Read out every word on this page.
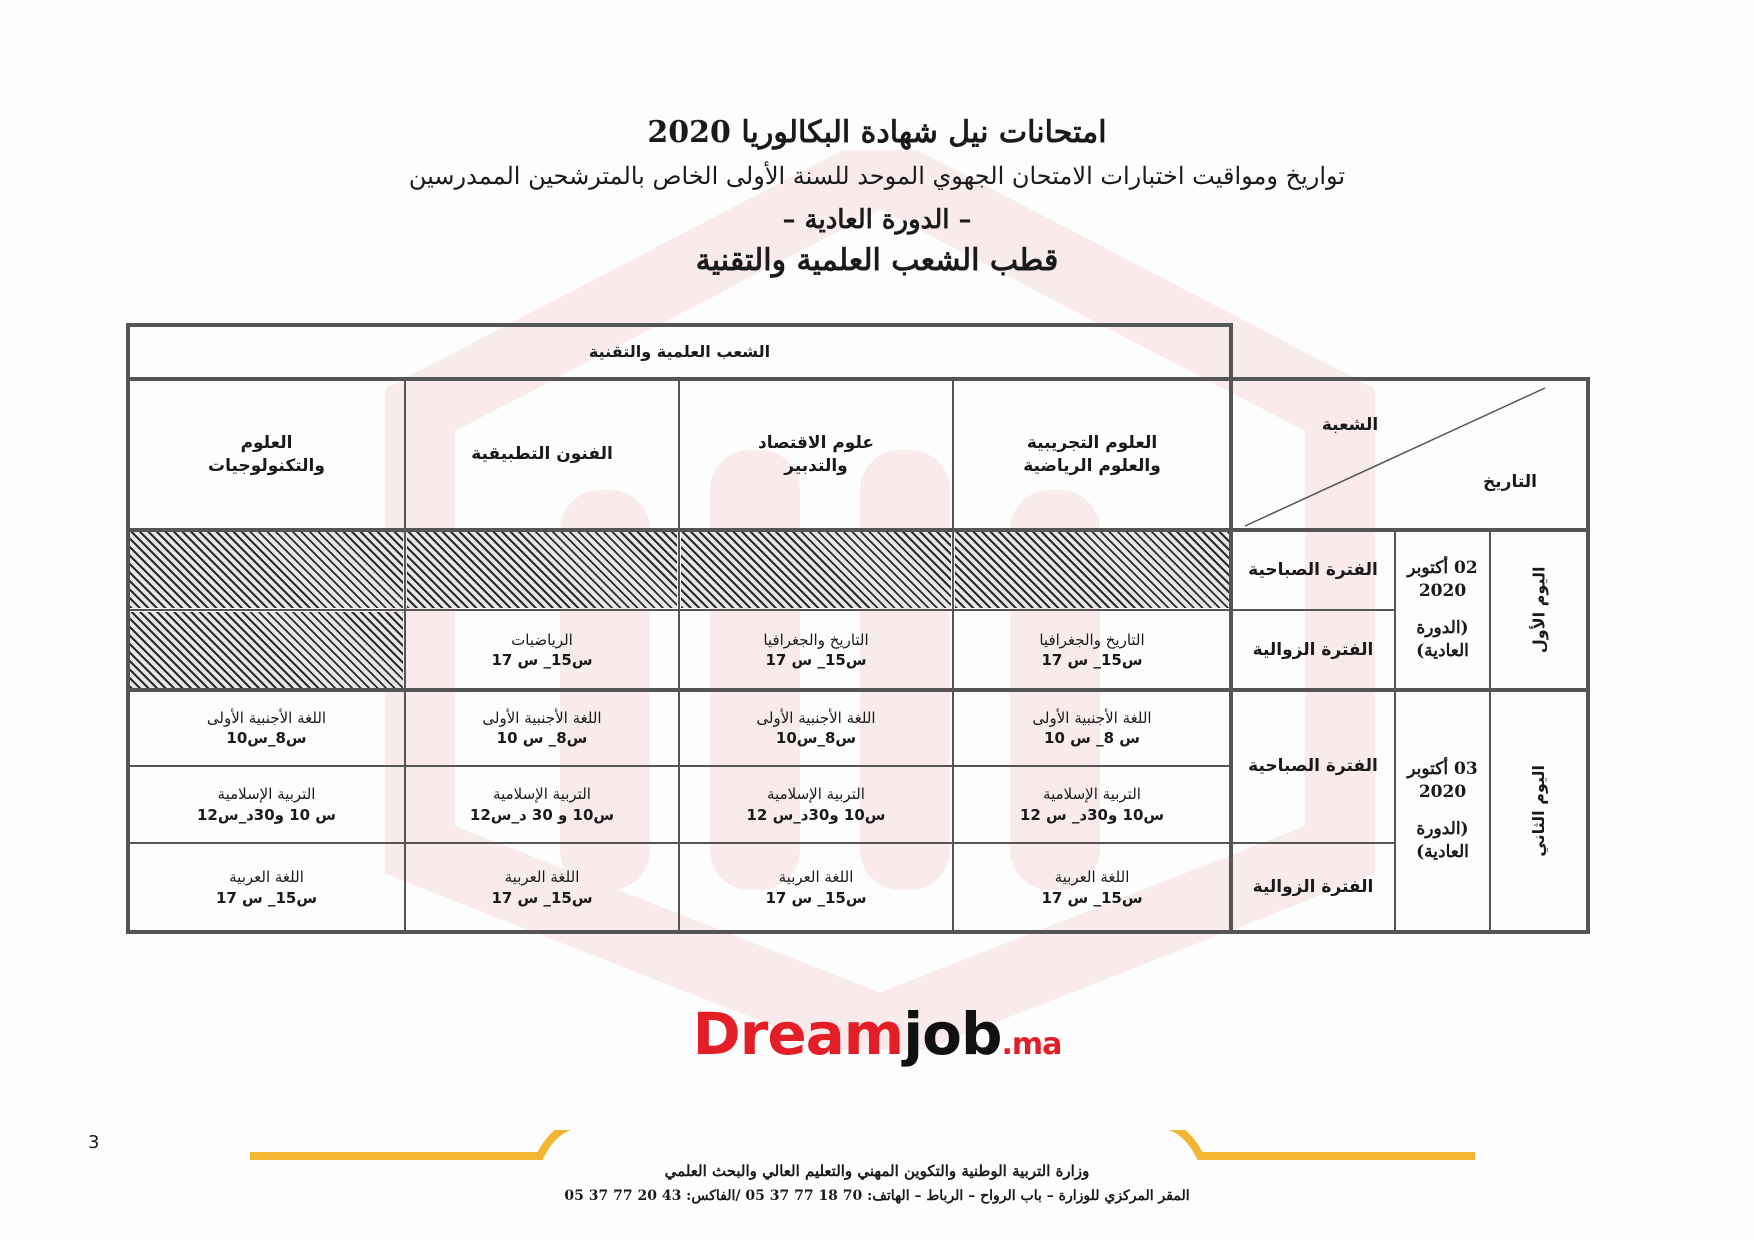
امتحانات نيل شهادة البكالوريا 2020
تواريخ ومواقيت اختبارات الامتحان الجهوي الموحد للسنة الأولى الخاص بالمترشحين الممدرسين
– الدورة العادية –
قطب الشعب العلمية والتقنية
الشعب العلمية والتقنية
الشعبة
التاريخ
العلوم التجريبية
والعلوم الرياضية
علوم الاقتصاد
والتدبير
الفنون التطبيقية
العلوم
والتكنولوجيات
اليوم الأول
02 أكتوبر
2020
(الدورة
العادية)
الفترة الصباحية
الفترة الزوالية
التاريخ والجغرافيا
س15_ س 17
التاريخ والجغرافيا
س15_ س 17
الرياضيات
س15_ س 17
اليوم الثاني
03 أكتوبر
2020
(الدورة
العادية)
الفترة الصباحية
الفترة الزوالية
اللغة الأجنبية الأولى
س 8_ س 10
اللغة الأجنبية الأولى
س8_س10
اللغة الأجنبية الأولى
س8_ س 10
اللغة الأجنبية الأولى
س8_س10
التربية الإسلامية
س10 و30د_ س 12
التربية الإسلامية
س10 و30د_س 12
التربية الإسلامية
س10 و 30 د_س12
التربية الإسلامية
س 10 و30د_س12
اللغة العربية
س15_ س 17
اللغة العربية
س15_ س 17
اللغة العربية
س15_ س 17
اللغة العربية
س15_ س 17
Dreamjob.ma
3
وزارة التربية الوطنية والتكوين المهني والتعليم العالي والبحث العلمي
المقر المركزي للوزارة – باب الرواح – الرباط – الهاتف: 70 18 77 37 05 /الفاكس: 43 20 77 37 05
